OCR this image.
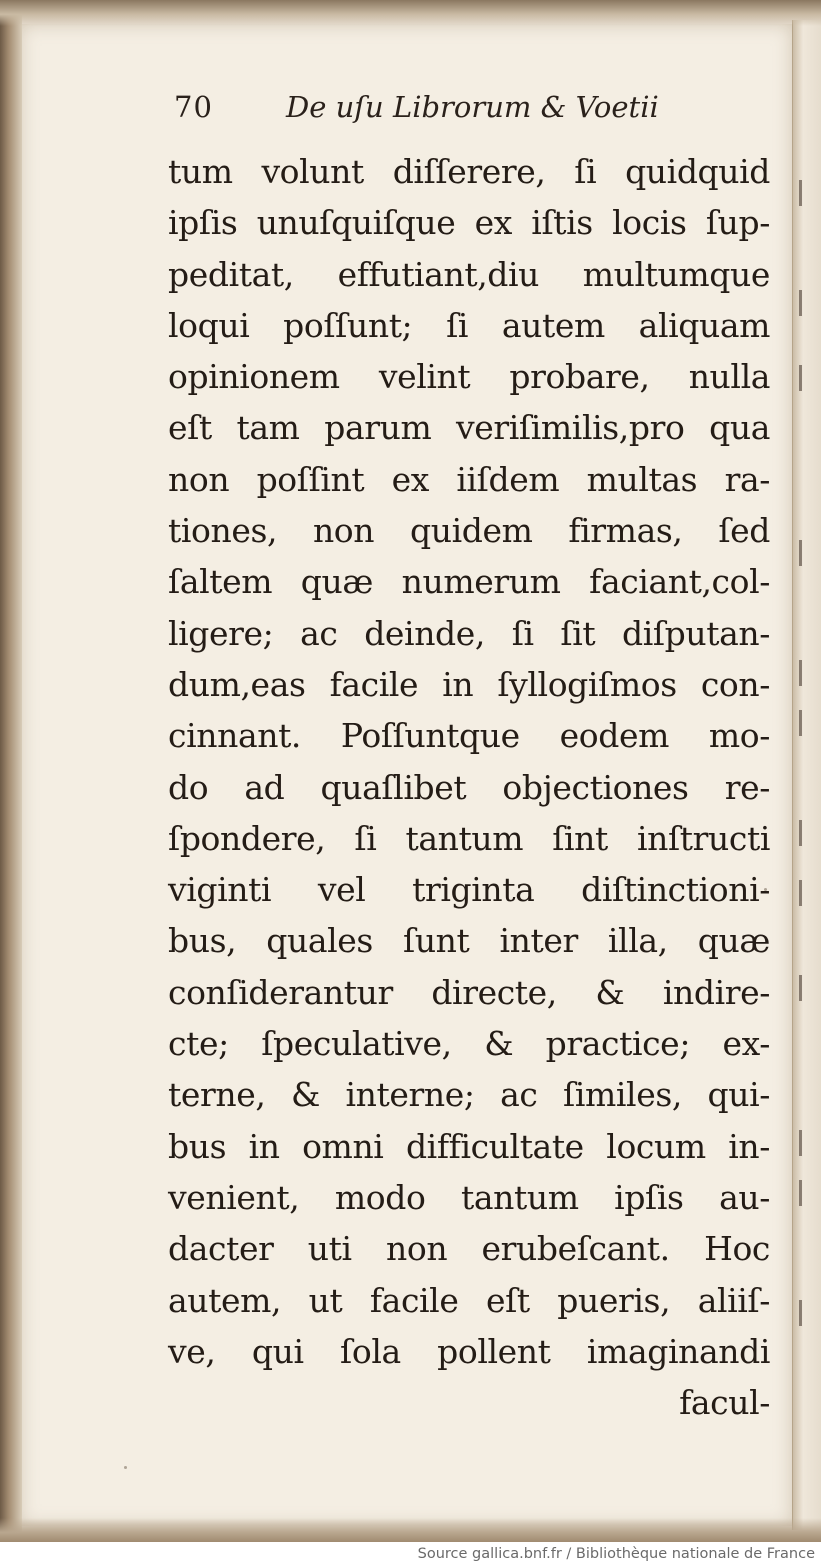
70	De uſu Librorum & Voetii
tum volunt diſſerere, ſi quidquid
ipſis unuſquiſque ex iſtis locis ſup-
peditat, effutiant,diu multumque
loqui poſſunt; ſi autem aliquam
opinionem velint probare, nulla
eſt tam parum veriſimilis,pro qua
non poſſint ex iiſdem multas ra-
tiones, non quidem firmas, ſed
ſaltem quæ numerum faciant,col-
ligere; ac deinde, ſi ſit diſputan-
dum,eas facile in ſyllogiſmos con-
cinnant. Poſſuntque eodem mo-
do ad quaſlibet objectiones re-
ſpondere, ſi tantum ſint inſtructi
viginti vel triginta diſtinctioni-
bus, quales ſunt inter illa, quæ
conſiderantur directe, & indire-
cte; ſpeculative, & practice; ex-
terne, & interne; ac ſimiles, qui-
bus in omni difficultate locum in-
venient, modo tantum ipſis au-
dacter uti non erubeſcant. Hoc
autem, ut facile eſt pueris, aliiſ-
ve, qui ſola pollent imaginandi
facul-
Source gallica.bnf.fr / Bibliothèque nationale de France
